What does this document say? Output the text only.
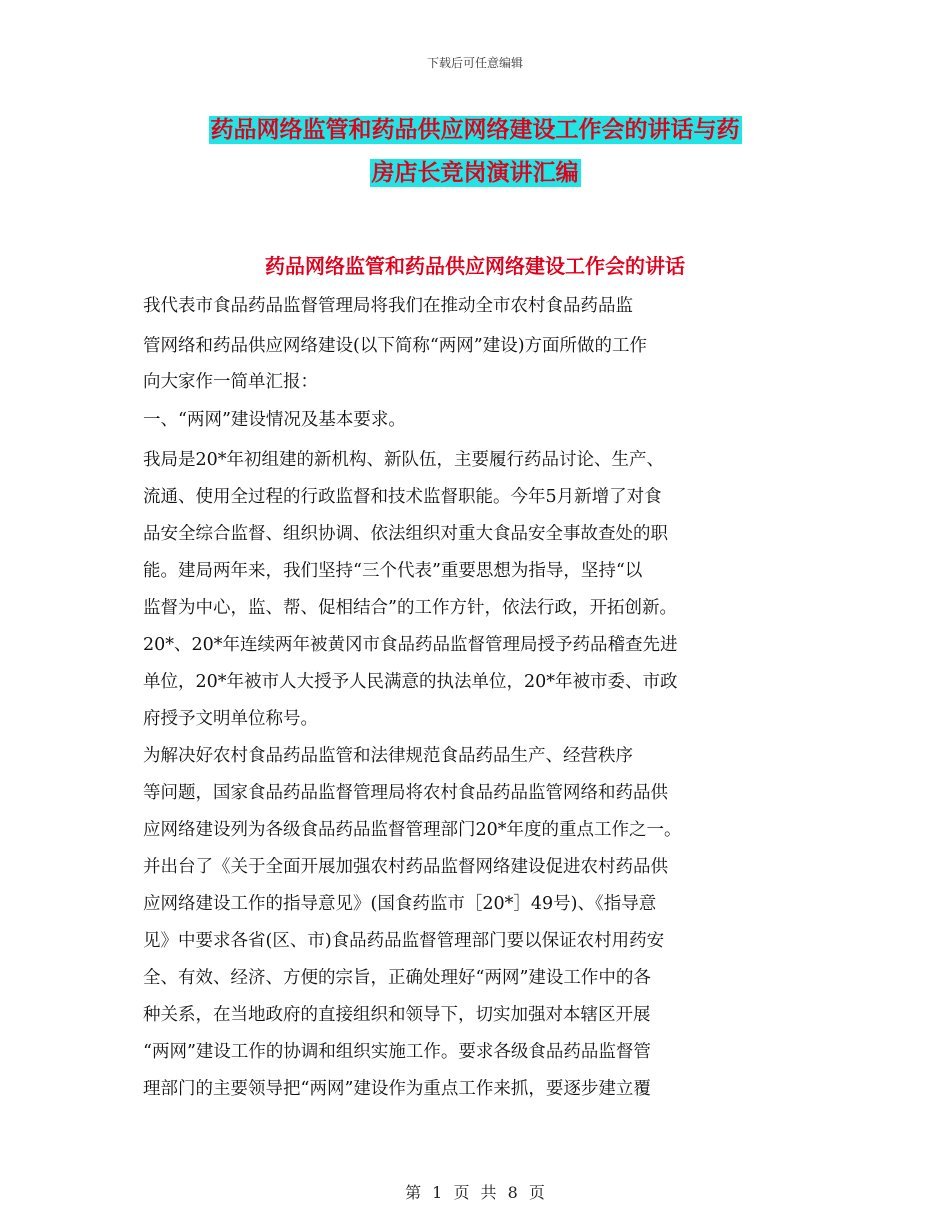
下载后可任意编辑
药品网络监管和药品供应网络建设工作会的讲话与药
房店长竞岗演讲汇编
药品网络监管和药品供应网络建设工作会的讲话
我代表市食品药品监督管理局将我们在推动全市农村食品药品监
管网络和药品供应网络建设(以下简称“两网”建设)方面所做的工作
向大家作一简单汇报：
一、“两网”建设情况及基本要求。
我局是20*年初组建的新机构、新队伍，主要履行药品讨论、生产、
流通、使用全过程的行政监督和技术监督职能。今年5月新增了对食
品安全综合监督、组织协调、依法组织对重大食品安全事故查处的职
能。建局两年来，我们坚持“三个代表”重要思想为指导，坚持“以
监督为中心，监、帮、促相结合”的工作方针，依法行政，开拓创新。
20*、20*年连续两年被黄冈市食品药品监督管理局授予药品稽查先进
单位，20*年被市人大授予人民满意的执法单位，20*年被市委、市政
府授予文明单位称号。
为解决好农村食品药品监管和法律规范食品药品生产、经营秩序
等问题，国家食品药品监督管理局将农村食品药品监管网络和药品供
应网络建设列为各级食品药品监督管理部门20*年度的重点工作之一。
并出台了《关于全面开展加强农村药品监督网络建设促进农村药品供
应网络建设工作的指导意见》(国食药监市［20*］49号)、《指导意
见》中要求各省(区、市)食品药品监督管理部门要以保证农村用药安
全、有效、经济、方便的宗旨，正确处理好“两网”建设工作中的各
种关系，在当地政府的直接组织和领导下，切实加强对本辖区开展
“两网”建设工作的协调和组织实施工作。要求各级食品药品监督管
理部门的主要领导把“两网”建设作为重点工作来抓，要逐步建立覆
第 1 页 共 8 页
